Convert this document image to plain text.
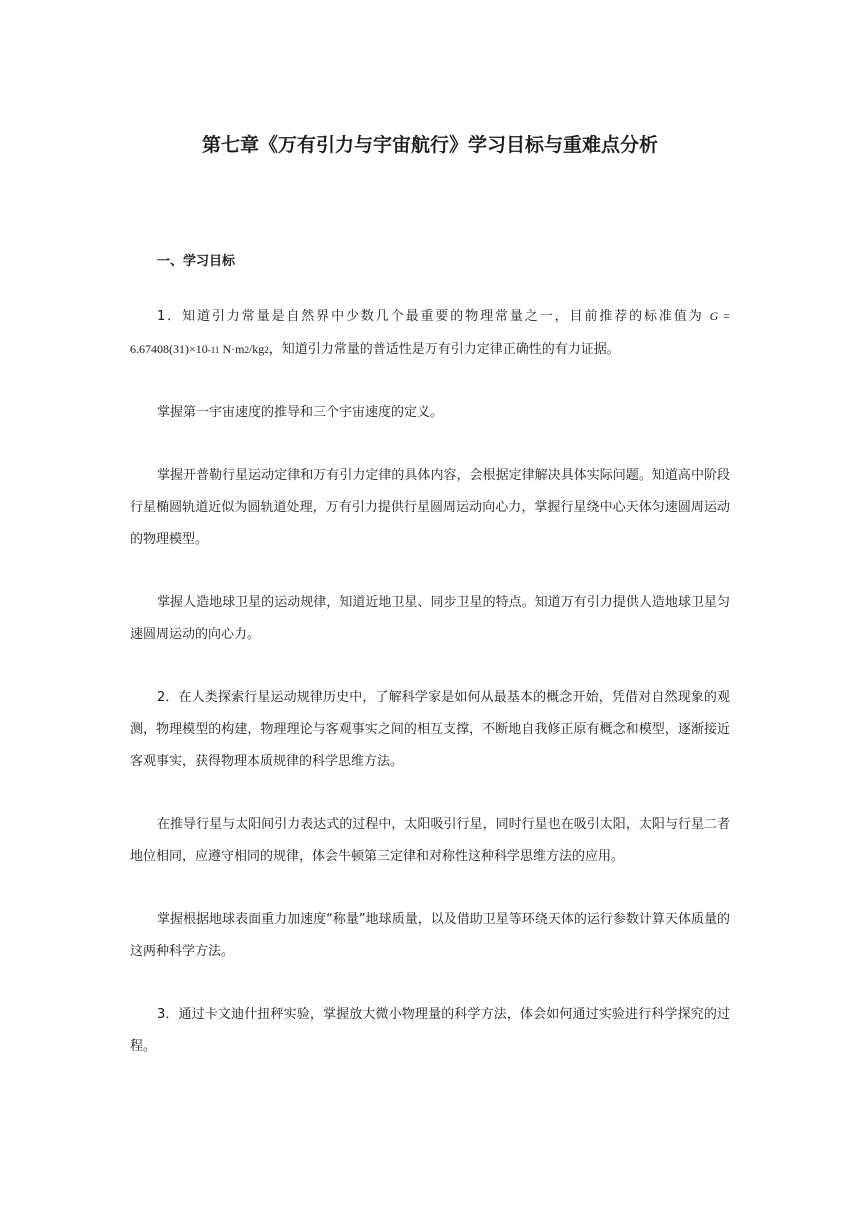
第七章《万有引力与宇宙航行》学习目标与重难点分析
一、学习目标

1．知道引力常量是自然界中少数几个最重要的物理常量之一，目前推荐的标准值为 G = 6.67408(31)×10-11 N·m2/kg2，知道引力常量的普适性是万有引力定律正确性的有力证据。

掌握第一宇宙速度的推导和三个宇宙速度的定义。

掌握开普勒行星运动定律和万有引力定律的具体内容，会根据定律解决具体实际问题。知道高中阶段行星椭圆轨道近似为圆轨道处理，万有引力提供行星圆周运动向心力，掌握行星绕中心天体匀速圆周运动的物理模型。

掌握人造地球卫星的运动规律，知道近地卫星、同步卫星的特点。知道万有引力提供人造地球卫星匀速圆周运动的向心力。

2．在人类探索行星运动规律历史中，了解科学家是如何从最基本的概念开始，凭借对自然现象的观测，物理模型的构建，物理理论与客观事实之间的相互支撑，不断地自我修正原有概念和模型，逐渐接近客观事实，获得物理本质规律的科学思维方法。

在推导行星与太阳间引力表达式的过程中，太阳吸引行星，同时行星也在吸引太阳，太阳与行星二者地位相同，应遵守相同的规律，体会牛顿第三定律和对称性这种科学思维方法的应用。

掌握根据地球表面重力加速度“称量”地球质量，以及借助卫星等环绕天体的运行参数计算天体质量的这两种科学方法。

3．通过卡文迪什扭秤实验，掌握放大微小物理量的科学方法，体会如何通过实验进行科学探究的过程。
